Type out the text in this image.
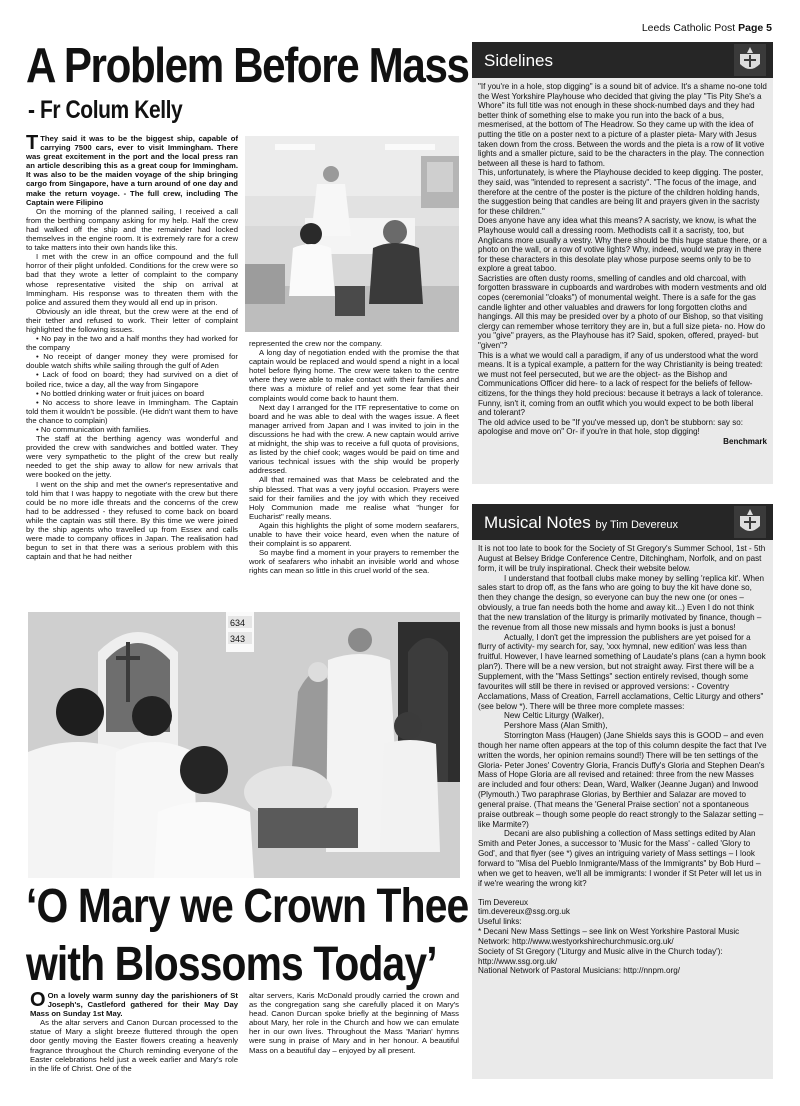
Leeds Catholic Post Page 5
A Problem Before Mass
- Fr Colum Kelly

T They said it was to be the biggest ship, capable of carrying 7500 cars, ever to visit Immingham. There was great excitement in the port and the local press ran an article describing this as a great coup for Immingham. It was also to be the maiden voyage of the ship bringing cargo from Singapore, have a turn around of one day and make the return voyage. - The full crew, including The Captain were Filipino

On the morning of the planned sailing, I received a call from the berthing company asking for my help. Half the crew had walked off the ship and the remainder had locked themselves in the engine room. It is extremely rare for a crew to take matters into their own hands like this.

I met with the crew in an office compound and the full horror of their plight unfolded. Conditions for the crew were so bad that they wrote a letter of complaint to the company whose representative visited the ship on arrival at Immingham. His response was to threaten them with the police and assured them they would all end up in prison.

Obviously an idle threat, but the crew were at the end of their tether and refused to work. Their letter of complaint highlighted the following issues.

• No pay in the two and a half months they had worked for the company

• No receipt of danger money they were promised for double watch shifts while sailing through the gulf of Aden

• Lack of food on board; they had survived on a diet of boiled rice, twice a day, all the way from Singapore

• No bottled drinking water or fruit juices on board

• No access to shore leave in Immingham. The Captain told them it wouldn't be possible. (He didn't want them to have the chance to complain)

• No communication with families.

The staff at the berthing agency was wonderful and provided the crew with sandwiches and bottled water. They were very sympathetic to the plight of the crew but really needed to get the ship away to allow for new arrivals that were booked on the jetty.

I went on the ship and met the owner's representative and told him that I was happy to negotiate with the crew but there could be no more idle threats and the concerns of the crew had to be addressed - they refused to come back on board while the captain was still there. By this time we were joined by the ship agents who travelled up from Essex and calls were made to company offices in Japan. The realisation had begun to set in that there was a serious problem with this captain and that he had neither

represented the crew nor the company.

A long day of negotiation ended with the promise the that captain would be replaced and would spend a night in a local hotel before flying home. The crew were taken to the centre where they were able to make contact with their families and there was a mixture of relief and yet some fear that their complaints would come back to haunt them.

Next day I arranged for the ITF representative to come on board and he was able to deal with the wages issue. A fleet manager arrived from Japan and I was invited to join in the discussions he had with the crew. A new captain would arrive at midnight, the ship was to receive a full quota of provisions, as listed by the chief cook; wages would be paid on time and various technical issues with the ship would be properly addressed.

All that remained was that Mass be celebrated and the ship blessed. That was a very joyful occasion. Prayers were said for their families and the joy with which they received Holy Communion made me realise what "hunger for Eucharist" really means.

Again this highlights the plight of some modern seafarers, unable to have their voice heard, even when the nature of their complaint is so apparent.

So maybe find a moment in your prayers to remember the work of seafarers who inhabit an invisible world and whose rights can mean so little in this cruel world of the sea.

634
343
‘O Mary we Crown Thee
with Blossoms Today’

O On a lovely warm sunny day the parishioners of St Joseph's, Castleford gathered for their May Day Mass on Sunday 1st May.

As the altar servers and Canon Durcan processed to the statue of Mary a slight breeze fluttered through the open door gently moving the Easter flowers creating a heavenly fragrance throughout the Church reminding everyone of the Easter celebrations held just a week earlier and Mary's role in the life of Christ. One of the

altar servers, Karis McDonald proudly carried the crown and as the congregation sang she carefully placed it on Mary's head. Canon Durcan spoke briefly at the beginning of Mass about Mary, her role in the Church and how we can emulate her in our own lives. Throughout the Mass 'Marian' hymns were sung in praise of Mary and in her honour. A beautiful Mass on a beautiful day – enjoyed by all present.

Sidelines

"If you're in a hole, stop digging" is a sound bit of advice. It's a shame no-one told the West Yorkshire Playhouse who decided that giving the play "Tis Pity She's a Whore" its full title was not enough in these shock-numbed days and they had better think of something else to make you run into the back of a bus, mesmerised, at the bottom of The Headrow. So they came up with the idea of putting the title on a poster next to a picture of a plaster pieta- Mary with Jesus taken down from the cross. Between the words and the pieta is a row of lit votive lights and a smaller picture, said to be the characters in the play. The connection between all these is hard to fathom.

This, unfortunately, is where the Playhouse decided to keep digging. The poster, they said, was "intended to represent a sacristy". "The focus of the image, and therefore at the centre of the poster is the picture of the children holding hands, the suggestion being that candles are being lit and prayers given in the sacristy for these children."

Does anyone have any idea what this means? A sacristy, we know, is what the Playhouse would call a dressing room. Methodists call it a sacristy, too, but Anglicans more usually a vestry. Why there should be this huge statue there, or a photo on the wall, or a row of votive lights? Why, indeed, would we pray in there for these characters in this desolate play whose purpose seems only to be to explore a great taboo.

Sacristies are often dusty rooms, smelling of candles and old charcoal, with forgotten brassware in cupboards and wardrobes with modern vestments and old copes (ceremonial "cloaks") of monumental weight. There is a safe for the gas candle lighter and other valuables and drawers for long forgotten cloths and hangings. All this may be presided over by a photo of our Bishop, so that visiting clergy can remember whose territory they are in, but a full size pieta- no. How do you "give" prayers, as the Playhouse has it? Said, spoken, offered, prayed- but "given"?

This is a what we would call a paradigm, if any of us understood what the word means. It is a typical example, a pattern for the way Christianity is being treated: we must not feel persecuted, but we are the object- as the Bishop and Communications Officer did here- to a lack of respect for the beliefs of fellow-citizens, for the things they hold precious: because it betrays a lack of tolerance. Funny, isn't it, coming from an outfit which you would expect to be both liberal and tolerant?

The old advice used to be "If you've messed up, don't be stubborn: say so: apologise and move on" Or- if you're in that hole, stop digging!

Benchmark

Musical Notes by Tim Devereux

It is not too late to book for the Society of St Gregory's Summer School, 1st - 5th August at Belsey Bridge Conference Centre, Ditchingham, Norfolk, and on past form, it will be truly inspirational. Check their website below.

I understand that football clubs make money by selling 'replica kit'. When sales start to drop off, as the fans who are going to buy the kit have done so, then they change the design, so everyone can buy the new one (or ones – obviously, a true fan needs both the home and away kit...) Even I do not think that the new translation of the liturgy is primarily motivated by finance, though – the revenue from all those new missals and hymn books is just a bonus!

Actually, I don't get the impression the publishers are yet poised for a flurry of activity- my search for, say, 'xxx hymnal, new edition' was less than fruitful. However, I have learned something of Laudate's plans (can a hymn book plan?). There will be a new version, but not straight away. First there will be a Supplement, with the "Mass Settings" section entirely revised, though some favourites will still be there in revised or approved versions: - Coventry Acclamations, Mass of Creation, Farrell acclamations, Celtic Liturgy and others"(see below *). There will be three more complete masses:

New Celtic Liturgy (Walker),

Pershore Mass (Alan Smith),

Storrington Mass (Haugen) (Jane Shields says this is GOOD – and even though her name often appears at the top of this column despite the fact that I've written the words, her opinion remains sound!) There will be ten settings of the Gloria- Peter Jones' Coventry Gloria, Francis Duffy's Gloria and Stephen Dean's Mass of Hope Gloria are all revised and retained: three from the new Masses are included and four others: Dean, Ward, Walker (Jeanne Jugan) and Inwood (Plymouth.) Two paraphrase Glorias, by Berthier and Salazar are moved to general praise. (That means the 'General Praise section' not a spontaneous praise outbreak – though some people do react strongly to the Salazar setting – like Marmite?)

Decani are also publishing a collection of Mass settings edited by Alan Smith and Peter Jones, a successor to 'Music for the Mass' - called 'Glory to God', and that flyer (see *) gives an intriguing variety of Mass settings – I look forward to "Misa del Pueblo Inmigrante/Mass of the Immigrants" by Bob Hurd – when we get to heaven, we'll all be immigrants: I wonder if St Peter will let us in if we're wearing the wrong kit?

Tim Devereux

tim.devereux@ssg.org.uk

Useful links:

* Decani New Mass Settings – see link on West Yorkshire Pastoral Music Network: http://www.westyorkshirechurchmusic.org.uk/

Society of St Gregory ('Liturgy and Music alive in the Church today'): http://www.ssg.org.uk/

National Network of Pastoral Musicians: http://nnpm.org/
